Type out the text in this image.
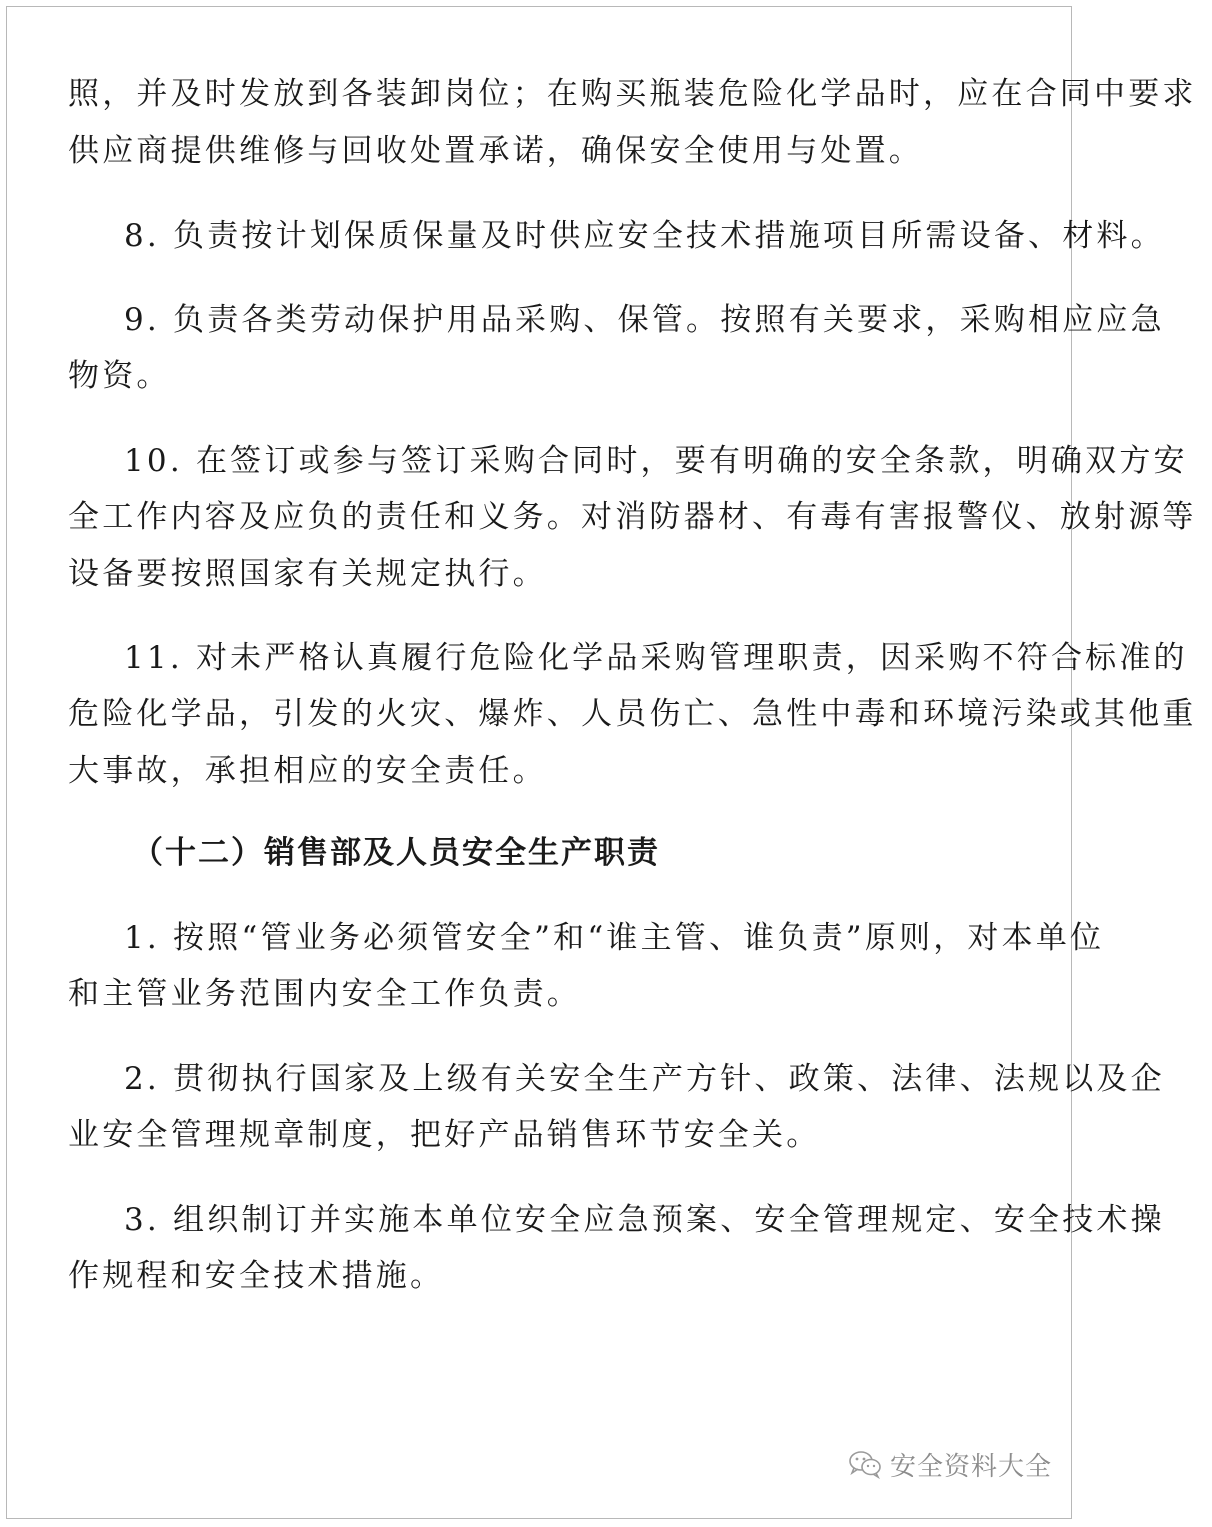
照，并及时发放到各装卸岗位；在购买瓶装危险化学品时，应在合同中要求
供应商提供维修与回收处置承诺，确保安全使用与处置。
8. 负责按计划保质保量及时供应安全技术措施项目所需设备、材料。
9. 负责各类劳动保护用品采购、保管。按照有关要求，采购相应应急
物资。
10. 在签订或参与签订采购合同时，要有明确的安全条款，明确双方安
全工作内容及应负的责任和义务。对消防器材、有毒有害报警仪、放射源等
设备要按照国家有关规定执行。
11. 对未严格认真履行危险化学品采购管理职责，因采购不符合标准的
危险化学品，引发的火灾、爆炸、人员伤亡、急性中毒和环境污染或其他重
大事故，承担相应的安全责任。
（十二）销售部及人员安全生产职责
1. 按照“管业务必须管安全”和“谁主管、谁负责”原则，对本单位
和主管业务范围内安全工作负责。
2. 贯彻执行国家及上级有关安全生产方针、政策、法律、法规以及企
业安全管理规章制度，把好产品销售环节安全关。
3. 组织制订并实施本单位安全应急预案、安全管理规定、安全技术操
作规程和安全技术措施。
安全资料大全
